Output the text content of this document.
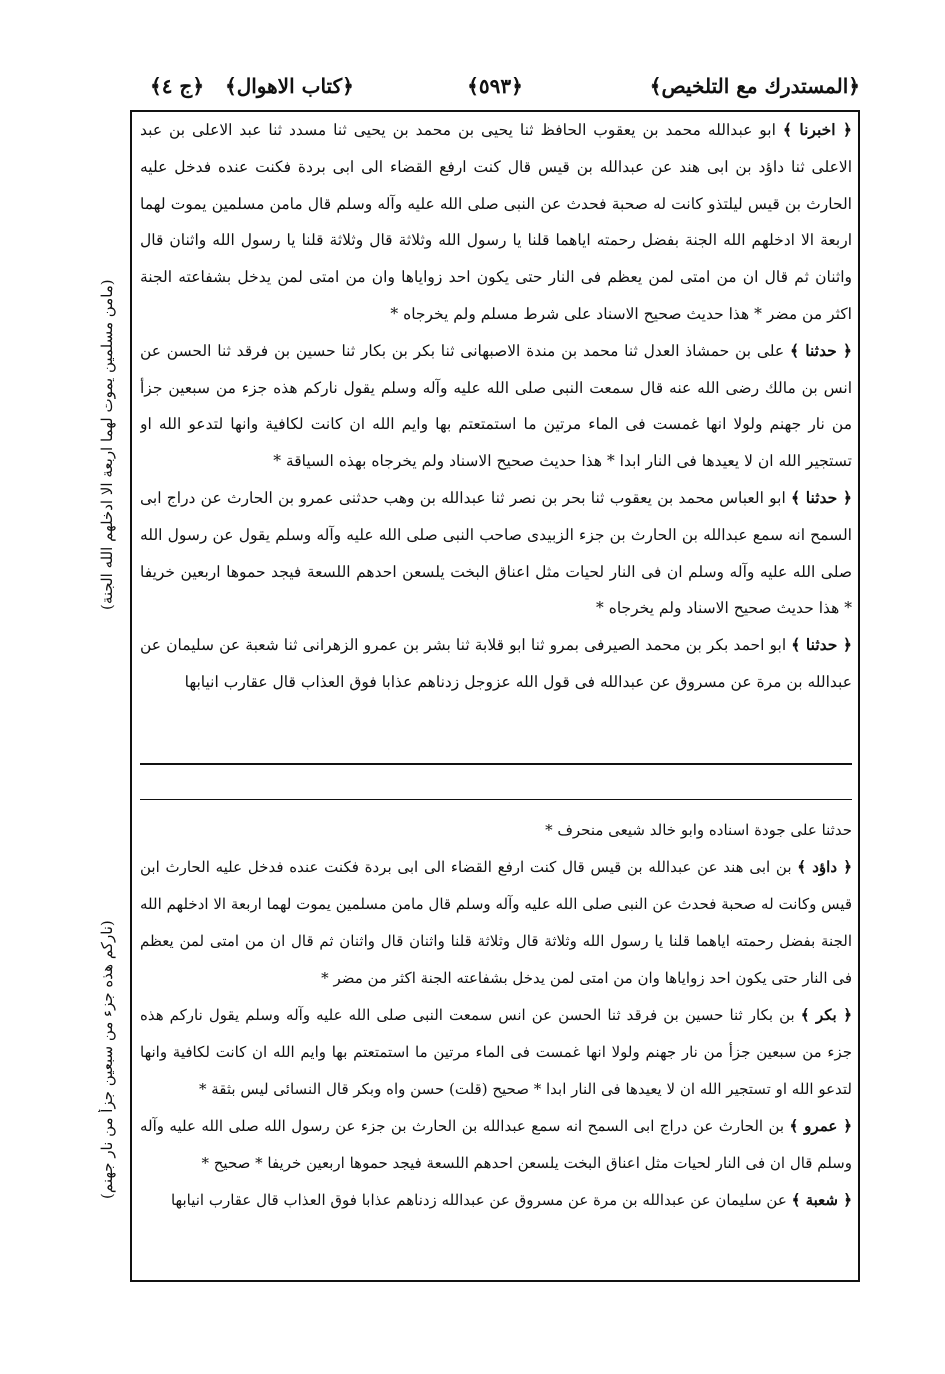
﴿المستدرك مع التلخيص﴾
﴿٥٩٣﴾
﴿كتاب الاهوال﴾
﴿ج ٤﴾

﴿ اخبرنا ﴾ ابو عبدالله محمد بن يعقوب الحافظ ثنا يحيى بن محمد بن يحيى ثنا مسدد ثنا عبد الاعلى بن عبد الاعلى ثنا داؤد بن ابى هند عن عبدالله بن قيس قال كنت ارفع القضاء الى ابى بردة فكنت عنده فدخل عليه الحارث بن قيس ليلتذو كانت له صحبة فحدث عن النبى صلى الله عليه وآله وسلم قال مامن مسلمين يموت لهما اربعة الا ادخلهم الله الجنة بفضل رحمته اياهما قلنا يا رسول الله وثلاثة قال وثلاثة قلنا يا رسول الله واثنان قال واثنان ثم قال ان من امتى لمن يعظم فى النار حتى يكون احد زواياها وان من امتى لمن يدخل بشفاعته الجنة اكثر من مضر * هذا حديث صحيح الاسناد على شرط مسلم ولم يخرجاه *

﴿ حدثنا ﴾ على بن حمشاذ العدل ثنا محمد بن مندة الاصبهانى ثنا بكر بن بكار ثنا حسين بن فرقد ثنا الحسن عن انس بن مالك رضى الله عنه قال سمعت النبى صلى الله عليه وآله وسلم يقول ناركم هذه جزء من سبعين جزأ من نار جهنم ولولا انها غمست فى الماء مرتين ما استمتعتم بها وايم الله ان كانت لكافية وانها لتدعو الله او تستجير الله ان لا يعيدها فى النار ابدا * هذا حديث صحيح الاسناد ولم يخرجاه بهذه السياقة *

﴿ حدثنا ﴾ ابو العباس محمد بن يعقوب ثنا بحر بن نصر ثنا عبدالله بن وهب حدثنى عمرو بن الحارث عن دراج ابى السمح انه سمع عبدالله بن الحارث بن جزء الزبيدى صاحب النبى صلى الله عليه وآله وسلم يقول عن رسول الله صلى الله عليه وآله وسلم ان فى النار لحيات مثل اعناق البخت يلسعن احدهم اللسعة فيجد حموها اربعين خريفا * هذا حديث صحيح الاسناد ولم يخرجاه *

﴿ حدثنا ﴾ ابو احمد بكر بن محمد الصيرفى بمرو ثنا ابو قلابة ثنا بشر بن عمرو الزهرانى ثنا شعبة عن سليمان عن عبدالله بن مرة عن مسروق عن عبدالله فى قول الله عزوجل زدناهم عذابا فوق العذاب قال عقارب انيابها

حدثنا على جودة اسناده وابو خالد شيعى منحرف *

﴿ داؤد ﴾ بن ابى هند عن عبدالله بن قيس قال كنت ارفع القضاء الى ابى بردة فكنت عنده فدخل عليه الحارث ابن قيس وكانت له صحبة فحدث عن النبى صلى الله عليه وآله وسلم قال مامن مسلمين يموت لهما اربعة الا ادخلهم الله الجنة بفضل رحمته اياهما قلنا يا رسول الله وثلاثة قال وثلاثة قلنا واثنان قال واثنان ثم قال ان من امتى لمن يعظم فى النار حتى يكون احد زواياها وان من امتى لمن يدخل بشفاعته الجنة اكثر من مضر *

﴿ بكر ﴾ بن بكار ثنا حسين بن فرقد ثنا الحسن عن انس سمعت النبى صلى الله عليه وآله وسلم يقول ناركم هذه جزء من سبعين جزأ من نار جهنم ولولا انها غمست فى الماء مرتين ما استمتعتم بها وايم الله ان كانت لكافية وانها لتدعو الله او تستجير الله ان لا يعيدها فى النار ابدا * صحيح (قلت) حسن واه وبكر قال النسائى ليس بثقة *

﴿ عمرو ﴾ بن الحارث عن دراج ابى السمح انه سمع عبدالله بن الحارث بن جزء عن رسول الله صلى الله عليه وآله وسلم قال ان فى النار لحيات مثل اعناق البخت يلسعن احدهم اللسعة فيجد حموها اربعين خريفا * صحيح *

﴿ شعبة ﴾ عن سليمان عن عبدالله بن مرة عن مسروق عن عبدالله زدناهم عذابا فوق العذاب قال عقارب انيابها

(مامن مسلمين يموت لهما اربعة الا ادخلهم الله الجنة)
(ناركم هذه جزء من سبعين جزأ من نار جهنم)
